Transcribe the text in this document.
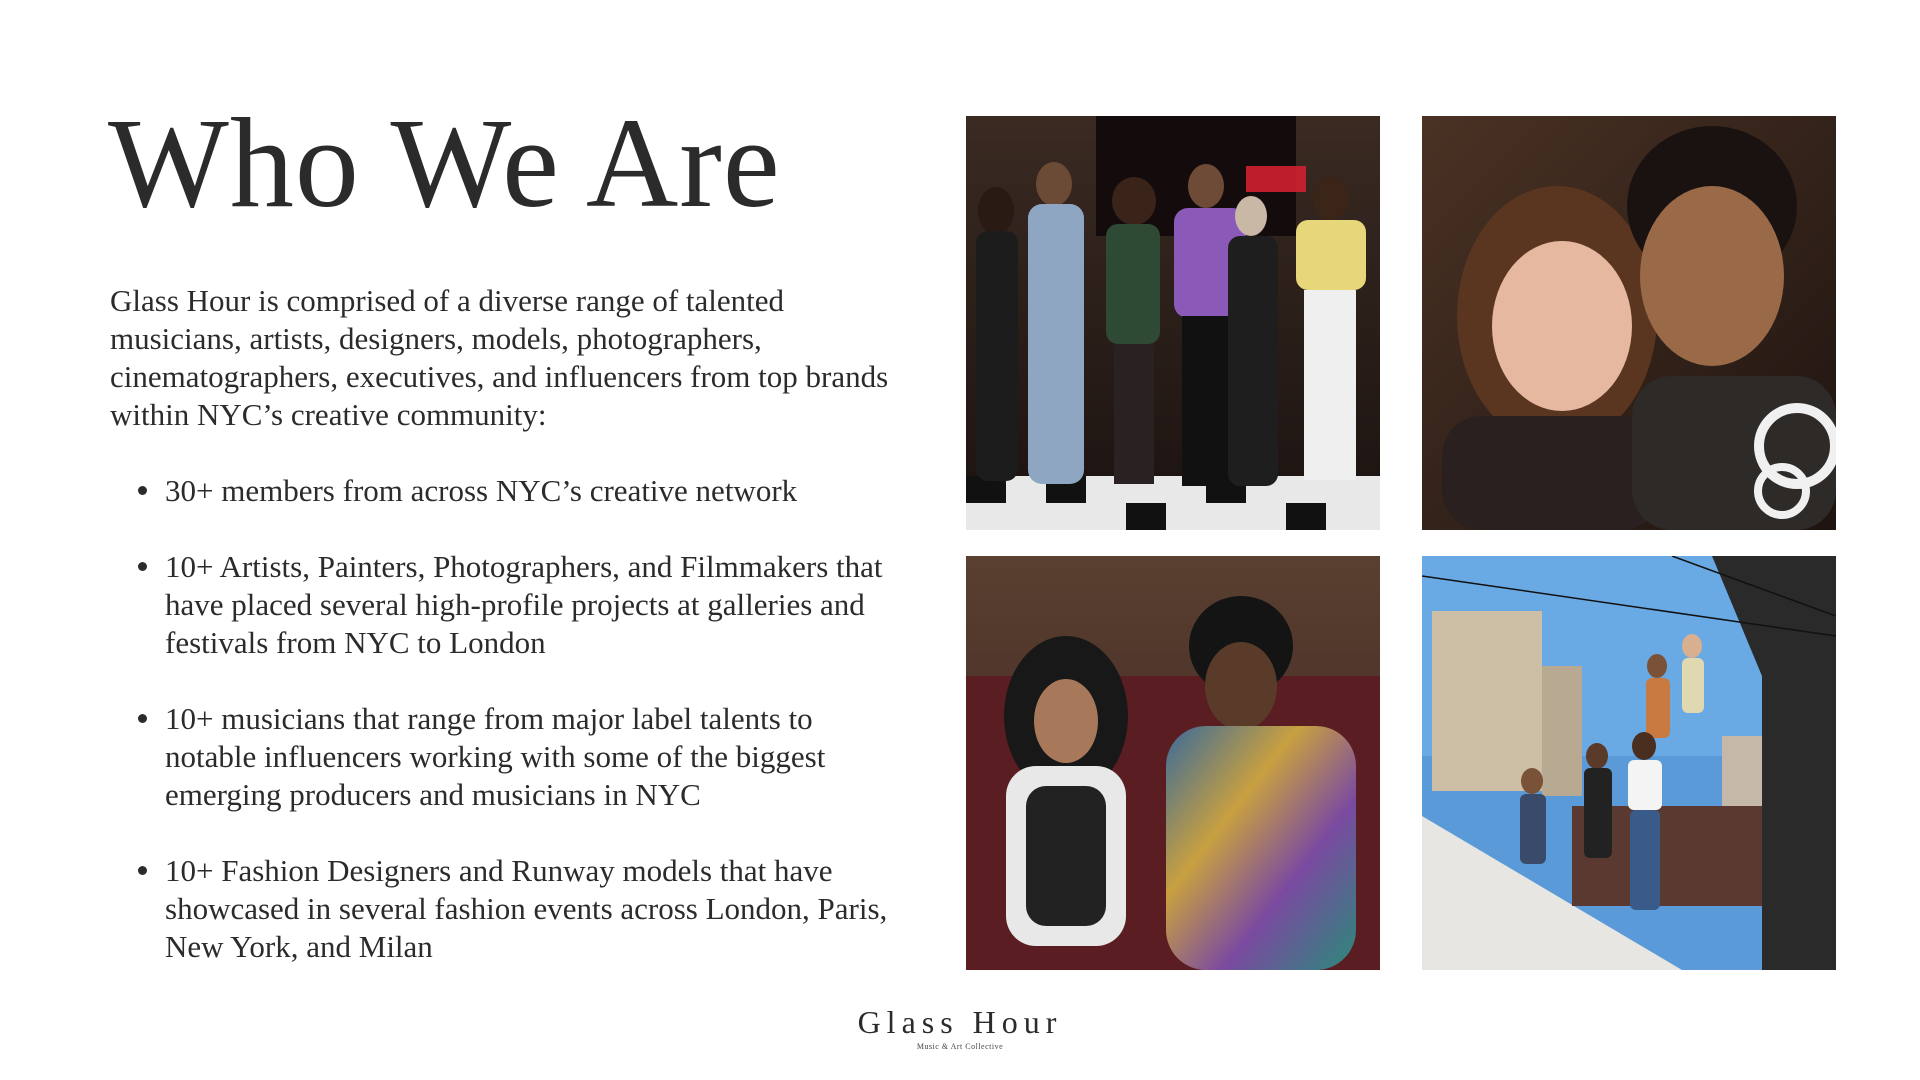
Who We Are

Glass Hour is comprised of a diverse range of talented musicians, artists, designers, models, photographers, cinematographers, executives, and influencers from top brands within NYC’s creative community:

30+ members from across NYC’s creative network
10+ Artists, Painters, Photographers, and Filmmakers that have placed several high-profile projects at galleries and festivals from NYC to London
10+ musicians that range from major label talents to notable influencers working with some of the biggest emerging producers and musicians in NYC
10+ Fashion Designers and Runway models that have showcased in several fashion events across London, Paris, New York, and Milan
Glass Hour
Music & Art Collective
